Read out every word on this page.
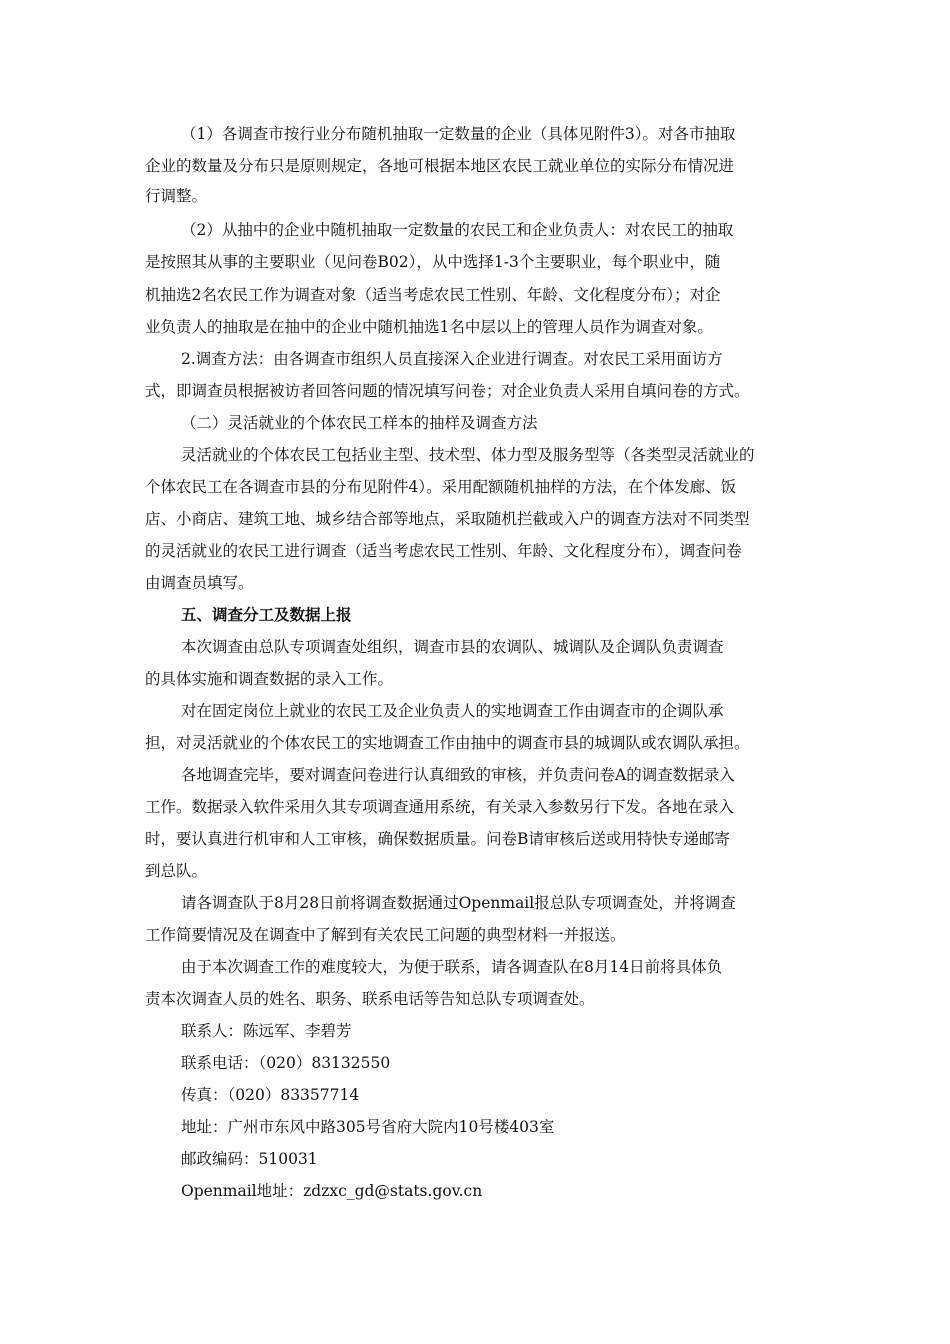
（1）各调查市按行业分布随机抽取一定数量的企业（具体见附件3）。对各市抽取
企业的数量及分布只是原则规定，各地可根据本地区农民工就业单位的实际分布情况进
行调整。
（2）从抽中的企业中随机抽取一定数量的农民工和企业负责人：对农民工的抽取
是按照其从事的主要职业（见问卷B02），从中选择1-3个主要职业，每个职业中，随
机抽选2名农民工作为调查对象（适当考虑农民工性别、年龄、文化程度分布）；对企
业负责人的抽取是在抽中的企业中随机抽选1名中层以上的管理人员作为调查对象。
2.调查方法：由各调查市组织人员直接深入企业进行调查。对农民工采用面访方
式，即调查员根据被访者回答问题的情况填写问卷；对企业负责人采用自填问卷的方式。
（二）灵活就业的个体农民工样本的抽样及调查方法
灵活就业的个体农民工包括业主型、技术型、体力型及服务型等（各类型灵活就业的
个体农民工在各调查市县的分布见附件4）。采用配额随机抽样的方法，在个体发廊、饭
店、小商店、建筑工地、城乡结合部等地点，采取随机拦截或入户的调查方法对不同类型
的灵活就业的农民工进行调查（适当考虑农民工性别、年龄、文化程度分布），调查问卷
由调查员填写。
五、调查分工及数据上报
本次调查由总队专项调查处组织，调查市县的农调队、城调队及企调队负责调查
的具体实施和调查数据的录入工作。
对在固定岗位上就业的农民工及企业负责人的实地调查工作由调查市的企调队承
担，对灵活就业的个体农民工的实地调查工作由抽中的调查市县的城调队或农调队承担。
各地调查完毕，要对调查问卷进行认真细致的审核，并负责问卷A的调查数据录入
工作。数据录入软件采用久其专项调查通用系统，有关录入参数另行下发。各地在录入
时，要认真进行机审和人工审核，确保数据质量。问卷B请审核后送或用特快专递邮寄
到总队。
请各调查队于8月28日前将调查数据通过Openmail报总队专项调查处，并将调查
工作简要情况及在调查中了解到有关农民工问题的典型材料一并报送。
由于本次调查工作的难度较大，为便于联系，请各调查队在8月14日前将具体负
责本次调查人员的姓名、职务、联系电话等告知总队专项调查处。
联系人：陈远军、李碧芳
联系电话：（020）83132550
传真：（020）83357714
地址：广州市东风中路305号省府大院内10号楼403室
邮政编码：510031
Openmail地址：zdzxc_gd@stats.gov.cn
